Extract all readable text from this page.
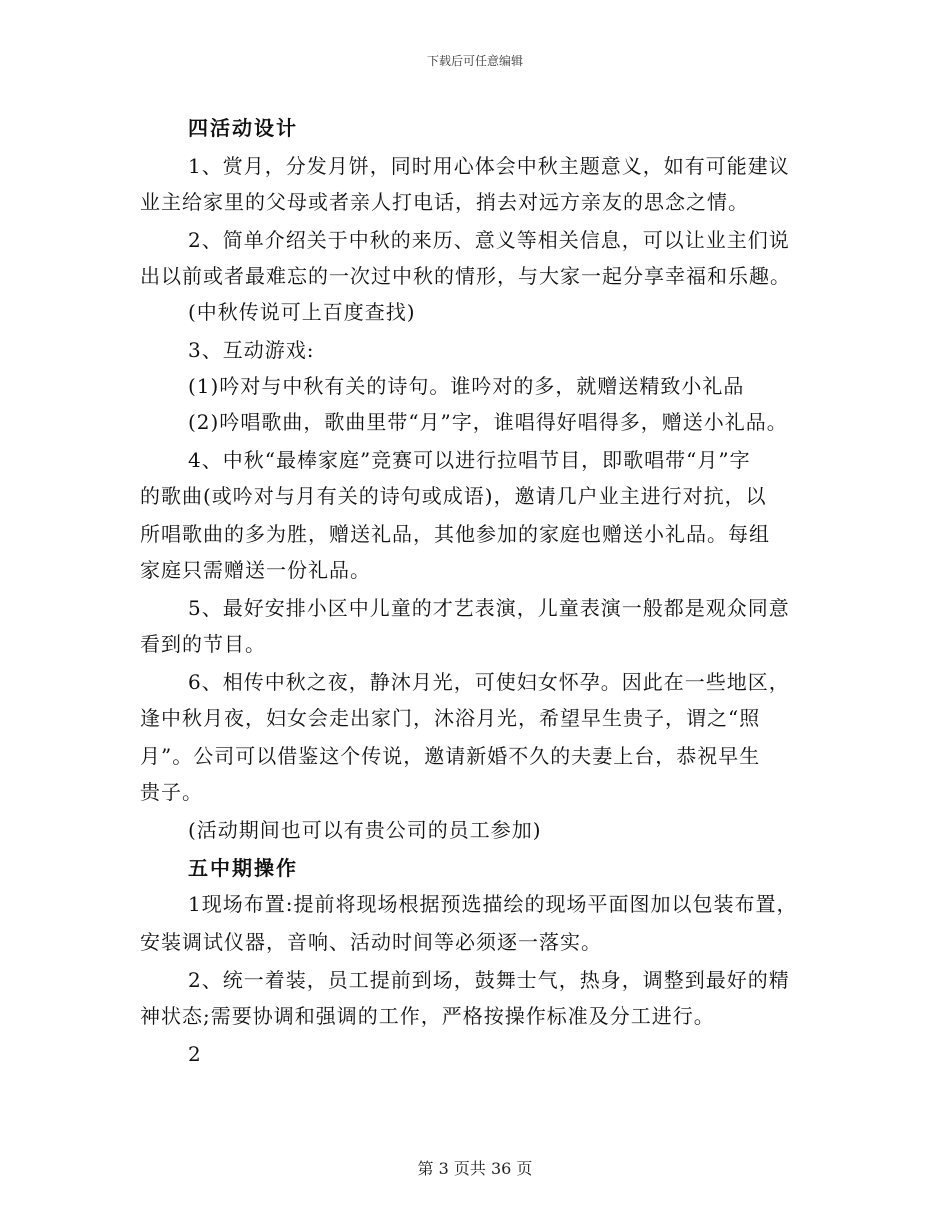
下载后可任意编辑
四活动设计
1、赏月，分发月饼，同时用心体会中秋主题意义，如有可能建议
业主给家里的父母或者亲人打电话，捎去对远方亲友的思念之情。
2、简单介绍关于中秋的来历、意义等相关信息，可以让业主们说
出以前或者最难忘的一次过中秋的情形，与大家一起分享幸福和乐趣。
(中秋传说可上百度查找)
3、互动游戏:
(1)吟对与中秋有关的诗句。谁吟对的多，就赠送精致小礼品
(2)吟唱歌曲，歌曲里带“月”字，谁唱得好唱得多，赠送小礼品。
4、中秋“最棒家庭”竞赛可以进行拉唱节目，即歌唱带“月”字
的歌曲(或吟对与月有关的诗句或成语)，邀请几户业主进行对抗，以
所唱歌曲的多为胜，赠送礼品，其他参加的家庭也赠送小礼品。每组
家庭只需赠送一份礼品。
5、最好安排小区中儿童的才艺表演，儿童表演一般都是观众同意
看到的节目。
6、相传中秋之夜，静沐月光，可使妇女怀孕。因此在一些地区，
逢中秋月夜，妇女会走出家门，沐浴月光，希望早生贵子，谓之“照
月”。公司可以借鉴这个传说，邀请新婚不久的夫妻上台，恭祝早生
贵子。
(活动期间也可以有贵公司的员工参加)
五中期操作
1现场布置:提前将现场根据预选描绘的现场平面图加以包装布置，
安装调试仪器，音响、活动时间等必须逐一落实。
2、统一着装，员工提前到场，鼓舞士气，热身，调整到最好的精
神状态;需要协调和强调的工作，严格按操作标准及分工进行。
2
第 3 页共 36 页
